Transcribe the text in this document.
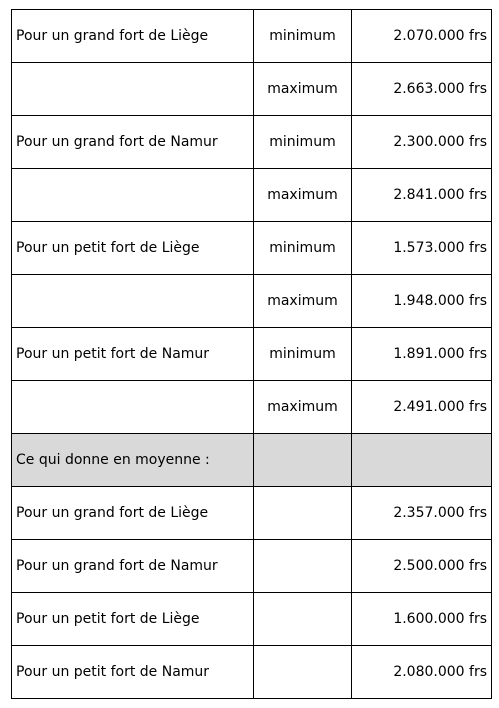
Pour un grand fort de Liège	minimum	2.070.000 frs
	maximum	2.663.000 frs
Pour un grand fort de Namur	minimum	2.300.000 frs
	maximum	2.841.000 frs
Pour un petit fort de Liège	minimum	1.573.000 frs
	maximum	1.948.000 frs
Pour un petit fort de Namur	minimum	1.891.000 frs
	maximum	2.491.000 frs
Ce qui donne en moyenne :		
Pour un grand fort de Liège		2.357.000 frs
Pour un grand fort de Namur		2.500.000 frs
Pour un petit fort de Liège		1.600.000 frs
Pour un petit fort de Namur		2.080.000 frs
